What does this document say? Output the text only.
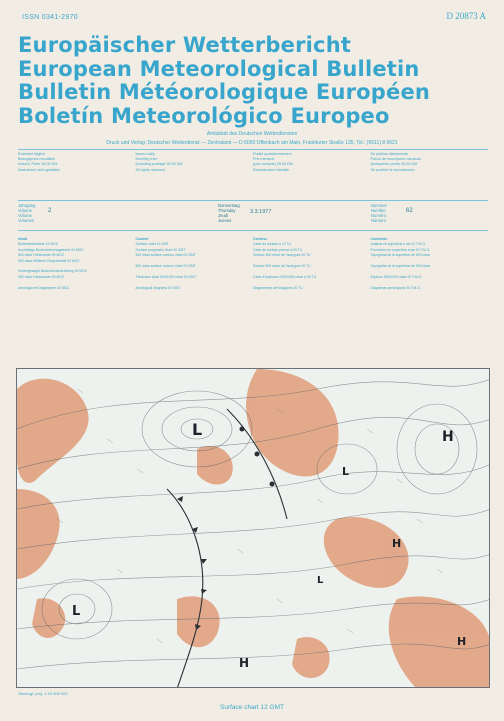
ISSN 0341-2970	D 20873 A
Europäischer Wetterbericht
European Meteorological Bulletin
Bulletin Météorologique Européen
Boletín Meteorológico Europeo
Amtsblatt des Deutschen Wetterdienstes
Druck und Verlag: Deutscher Wetterdienst — Zentralamt — D 6050 Offenbach am Main, Frankfurter Straße 135, Tel.: (0611) 8 0621
Erscheint täglich
Bezugspreis monatlich
einschl. Porto 28,00 DM
Nachdruck nicht gestattet
Issued daily
Monthly price
(including postage 28,00 DM
All rights reserved
Publié quotidiennement
Prix mensuel
(port compris) 28,00 DM
Reproduction interdite
Se publica diariamente
Precio de suscripción mensual
(incluyendo porte) 28,00 DM
Se prohibe la reproducción
Jahrgang
Volume
Volume
Volumen
2
Donnerstag
Thursday
Jeudi
Jueves
3.3.1977
Nummer
Number
Numéro
Número
62
Inhalt
Bodenwetterkarte 12 MGZ
Kurzfristige Bodenvorhersagekarte 00 MGZ
500 mbar Höhenkarte 00 MGZ
500 mbar Mittleres Geopotential 00 MGZ
Vorhergesagte Bodendruckverteilung 00 MGZ
300 mbar Höhenkarte 00 MGZ
Aerologische Diagramme 00 MGZ
Content
Surface chart 12 GMT
Surface prognostic chart 00 GMT
500 mbar surface contour chart 00 GMT
500 mbar surface contour chart 00 GMT
Thickness chart 500/1000 mbar 00 GMT
Aerological diagrams 00 GMT
Contenu
Carte de surface à 12 TU
Carte de surface prévue à 00 TU
Surface 500 mbar de l'isohypse 00 TU
Surface 500 mbar de l'isohypse 00 TU
Carte d'épaisseur 500/1000 mbar à 00 TU
Diagrammes aérologiques 00 TU
Contenido
Análisis en superficie a las 12 T.M.G.
Pronóstico en superficie a las 00 T.M.G.
Topografía de la superficie de 500 mbar
Topografía de la superficie de 500 mbar
Espesor 500/1000 mbar 00 T.M.G.
Diagramas aerológicos 00 T.M.G.
L	H
L
H
L
H
H
L
Stereogr. proj. 1:20 000 000
Surface chart 12 GMT
